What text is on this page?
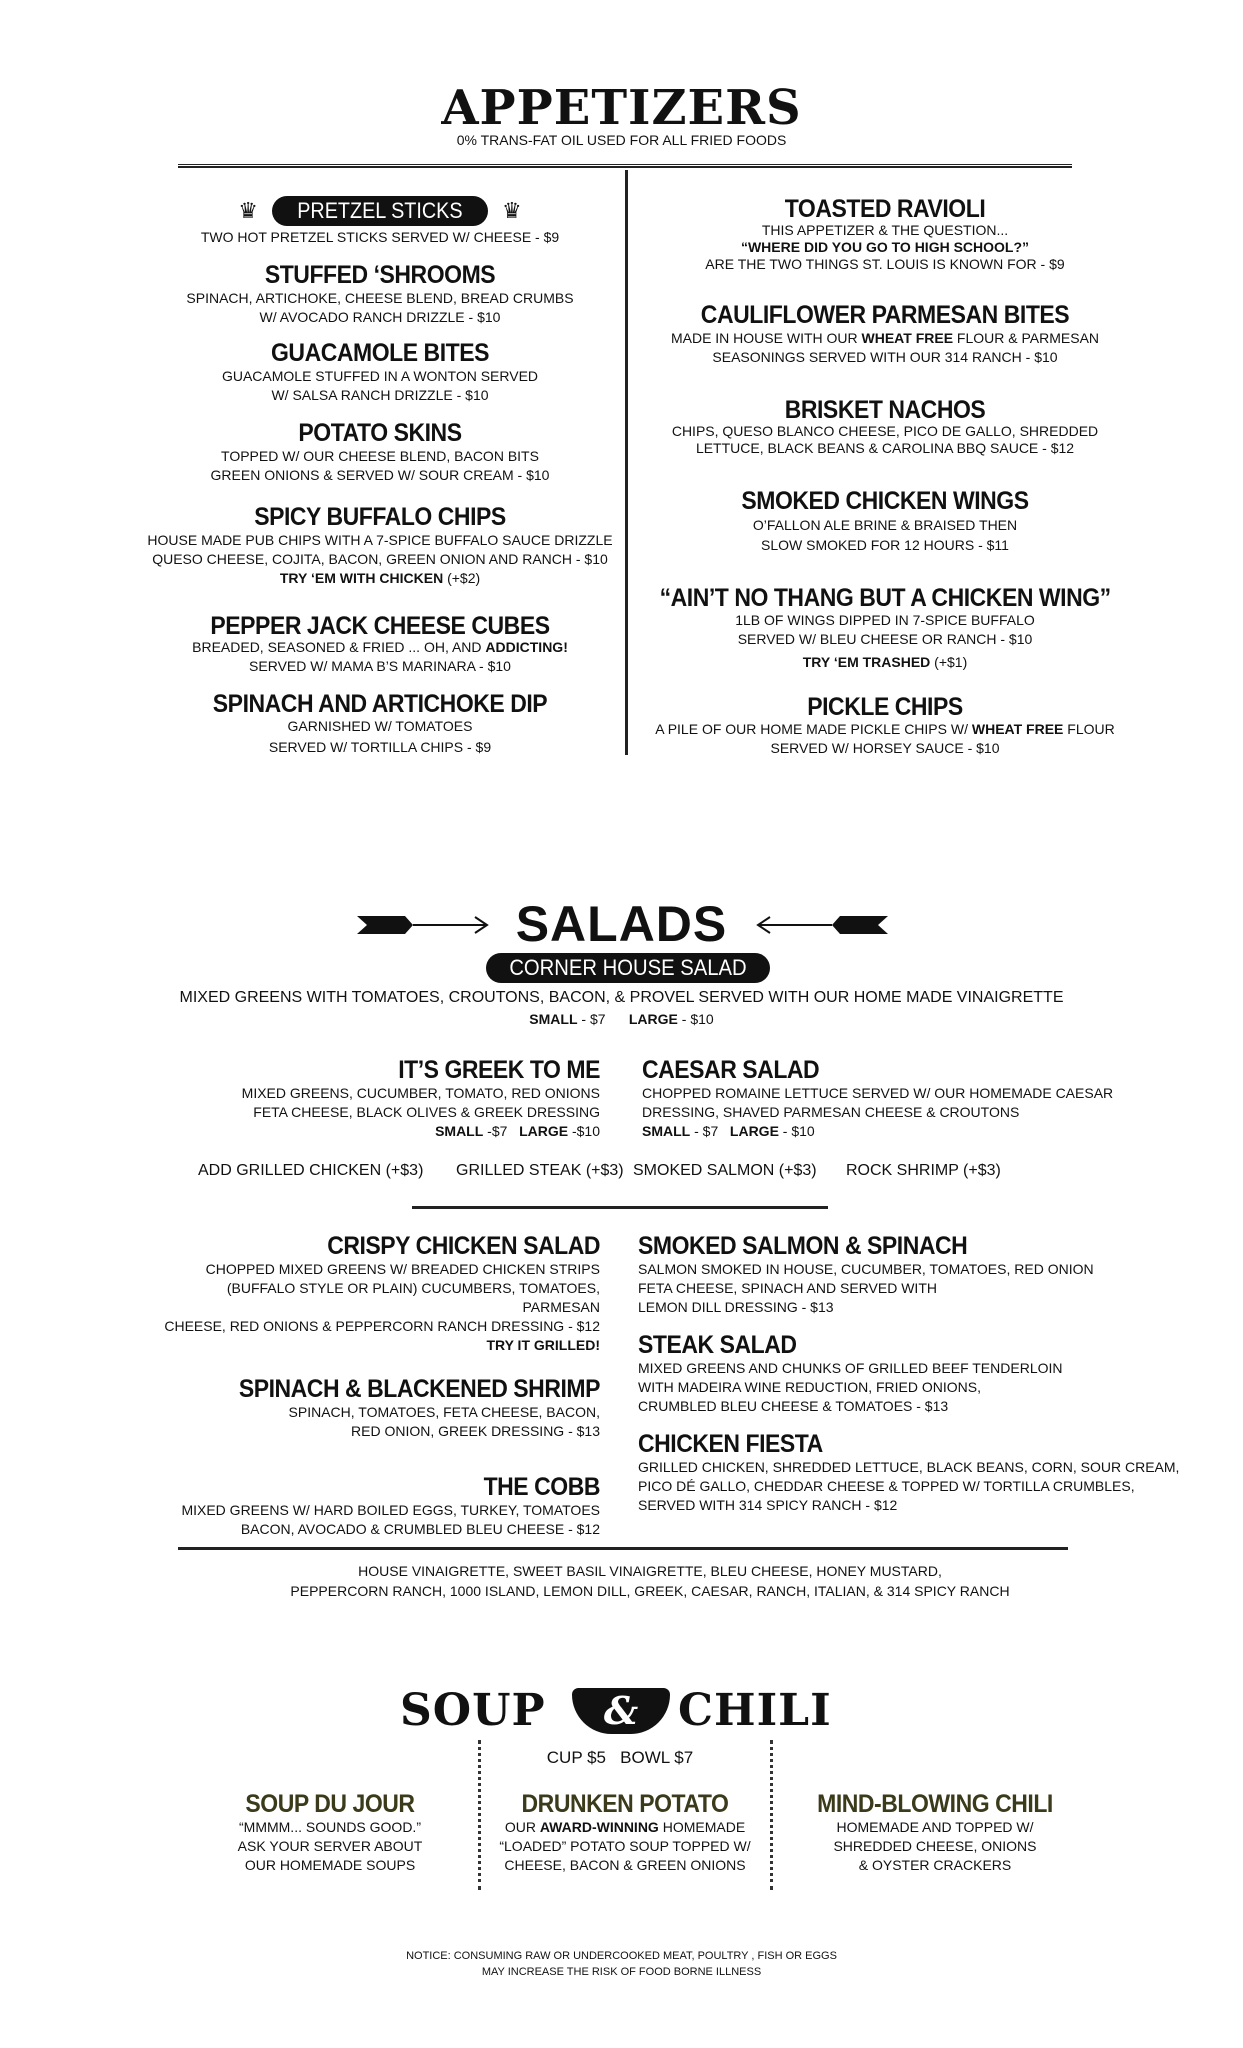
APPETIZERS
0% TRANS-FAT OIL USED FOR ALL FRIED FOODS
♛	PRETZEL STICKS	♛
TWO HOT PRETZEL STICKS SERVED W/ CHEESE - $9
STUFFED ‘SHROOMS
SPINACH, ARTICHOKE, CHEESE BLEND, BREAD CRUMBS
W/ AVOCADO RANCH DRIZZLE - $10
GUACAMOLE BITES
GUACAMOLE STUFFED IN A WONTON SERVED
W/ SALSA RANCH DRIZZLE - $10
POTATO SKINS
TOPPED W/ OUR CHEESE BLEND, BACON BITS
GREEN ONIONS & SERVED W/ SOUR CREAM - $10
SPICY BUFFALO CHIPS
HOUSE MADE PUB CHIPS WITH A 7-SPICE BUFFALO SAUCE DRIZZLE
QUESO CHEESE, COJITA, BACON, GREEN ONION AND RANCH - $10
TRY ‘EM WITH CHICKEN (+$2)
PEPPER JACK CHEESE CUBES
BREADED, SEASONED & FRIED ... OH, AND ADDICTING!
SERVED W/ MAMA B’S MARINARA - $10
SPINACH AND ARTICHOKE DIP
GARNISHED W/ TOMATOES
SERVED W/ TORTILLA CHIPS - $9
TOASTED RAVIOLI
THIS APPETIZER & THE QUESTION...
“WHERE DID YOU GO TO HIGH SCHOOL?”
ARE THE TWO THINGS ST. LOUIS IS KNOWN FOR - $9
CAULIFLOWER PARMESAN BITES
MADE IN HOUSE WITH OUR WHEAT FREE FLOUR & PARMESAN
SEASONINGS SERVED WITH OUR 314 RANCH - $10
BRISKET NACHOS
CHIPS, QUESO BLANCO CHEESE, PICO DE GALLO, SHREDDED
LETTUCE, BLACK BEANS & CAROLINA BBQ SAUCE - $12
SMOKED CHICKEN WINGS
O’FALLON ALE BRINE & BRAISED THEN
SLOW SMOKED FOR 12 HOURS - $11
“AIN’T NO THANG BUT A CHICKEN WING”
1LB OF WINGS DIPPED IN 7-SPICE BUFFALO
SERVED W/ BLEU CHEESE OR RANCH - $10
TRY ‘EM TRASHED (+$1)
PICKLE CHIPS
A PILE OF OUR HOME MADE PICKLE CHIPS W/ WHEAT FREE FLOUR
SERVED W/ HORSEY SAUCE - $10
SALADS
CORNER HOUSE SALAD
MIXED GREENS WITH TOMATOES, CROUTONS, BACON, & PROVEL SERVED WITH OUR HOME MADE VINAIGRETTE
SMALL - $7 LARGE - $10
IT’S GREEK TO ME
MIXED GREENS, CUCUMBER, TOMATO, RED ONIONS
FETA CHEESE, BLACK OLIVES & GREEK DRESSING
SMALL -$7 LARGE -$10
CAESAR SALAD
CHOPPED ROMAINE LETTUCE SERVED W/ OUR HOMEMADE CAESAR
DRESSING, SHAVED PARMESAN CHEESE & CROUTONS
SMALL - $7 LARGE - $10
ADD GRILLED CHICKEN (+$3) GRILLED STEAK (+$3) SMOKED SALMON (+$3) ROCK SHRIMP (+$3)
CRISPY CHICKEN SALAD
CHOPPED MIXED GREENS W/ BREADED CHICKEN STRIPS
(BUFFALO STYLE OR PLAIN) CUCUMBERS, TOMATOES, PARMESAN
CHEESE, RED ONIONS & PEPPERCORN RANCH DRESSING - $12
TRY IT GRILLED!
SPINACH & BLACKENED SHRIMP
SPINACH, TOMATOES, FETA CHEESE, BACON,
RED ONION, GREEK DRESSING - $13
THE COBB
MIXED GREENS W/ HARD BOILED EGGS, TURKEY, TOMATOES
BACON, AVOCADO & CRUMBLED BLEU CHEESE - $12
SMOKED SALMON & SPINACH
SALMON SMOKED IN HOUSE, CUCUMBER, TOMATOES, RED ONION
FETA CHEESE, SPINACH AND SERVED WITH
LEMON DILL DRESSING - $13
STEAK SALAD
MIXED GREENS AND CHUNKS OF GRILLED BEEF TENDERLOIN
WITH MADEIRA WINE REDUCTION, FRIED ONIONS,
CRUMBLED BLEU CHEESE & TOMATOES - $13
CHICKEN FIESTA
GRILLED CHICKEN, SHREDDED LETTUCE, BLACK BEANS, CORN, SOUR CREAM,
PICO DÉ GALLO, CHEDDAR CHEESE & TOPPED W/ TORTILLA CRUMBLES,
SERVED WITH 314 SPICY RANCH - $12
HOUSE VINAIGRETTE, SWEET BASIL VINAIGRETTE, BLEU CHEESE, HONEY MUSTARD,
PEPPERCORN RANCH, 1000 ISLAND, LEMON DILL, GREEK, CAESAR, RANCH, ITALIAN, & 314 SPICY RANCH
SOUP & CHILI
CUP $5   BOWL $7
SOUP DU JOUR
“MMMM... SOUNDS GOOD.”
ASK YOUR SERVER ABOUT
OUR HOMEMADE SOUPS
DRUNKEN POTATO
OUR AWARD-WINNING HOMEMADE
“LOADED” POTATO SOUP TOPPED W/
CHEESE, BACON & GREEN ONIONS
MIND-BLOWING CHILI
HOMEMADE AND TOPPED W/
SHREDDED CHEESE, ONIONS
& OYSTER CRACKERS
NOTICE: CONSUMING RAW OR UNDERCOOKED MEAT, POULTRY , FISH OR EGGS
MAY INCREASE THE RISK OF FOOD BORNE ILLNESS
